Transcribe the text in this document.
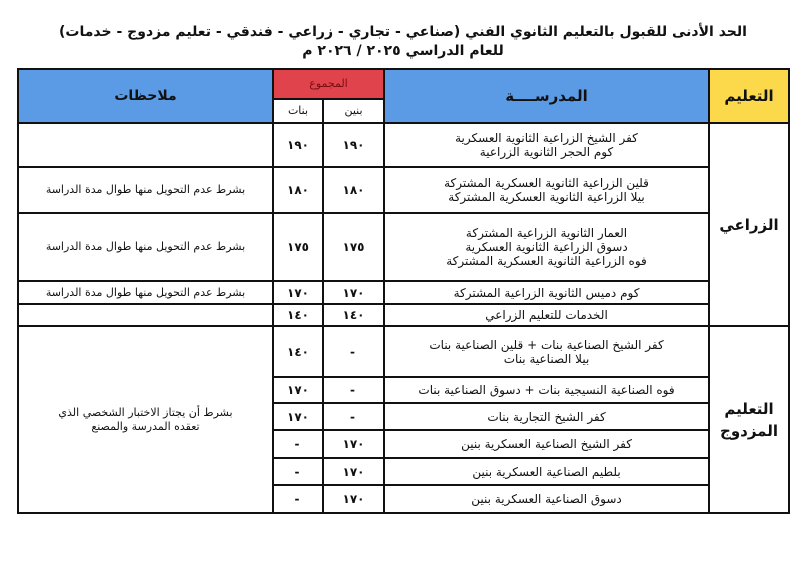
الحد الأدنى للقبول بالتعليم الثانوي الفني (صناعي - تجاري - زراعي - فندقي - تعليم مزدوج - خدمات)
للعام الدراسي ٢٠٢٥ / ٢٠٢٦ م
التعليم	المدرســــة	المجموع		ملاحظات
		بنين	بنات	
الزراعي	كفر الشيخ الزراعية الثانوية العسكرية
كوم الحجر الثانوية الزراعية	١٩٠	١٩٠	

	قلين الزراعية الثانوية العسكرية المشتركة
بيلا الزراعية الثانوية العسكرية المشتركة	١٨٠	١٨٠	بشرط عدم التحويل منها طوال مدة الدراسة

	العمار الثانوية الزراعية المشتركة
دسوق الزراعية الثانوية العسكرية
فوه الزراعية الثانوية العسكرية المشتركة	١٧٥	١٧٥	بشرط عدم التحويل منها طوال مدة الدراسة

	كوم دميس الثانوية الزراعية المشتركة	١٧٠	١٧٠	بشرط عدم التحويل منها طوال مدة الدراسة

	الخدمات للتعليم الزراعي	١٤٠	١٤٠	

التعليم
المزدوج

كفر الشيخ الصناعية بنات + قلين الصناعية بنات
بيلا الصناعية بنات
	-	١٤٠	
بشرط أن يجتاز الاختبار الشخصي الذي
تعقده المدرسة والمصنع

	فوه الصناعية النسيجية بنات + دسوق الصناعية بنات	-	١٧٠	

	كفر الشيخ التجارية بنات	-	١٧٠	

	كفر الشيخ الصناعية العسكرية بنين	١٧٠	-	

	بلطيم الصناعية العسكرية بنين	١٧٠	-	

	دسوق الصناعية العسكرية بنين	١٧٠	-	
